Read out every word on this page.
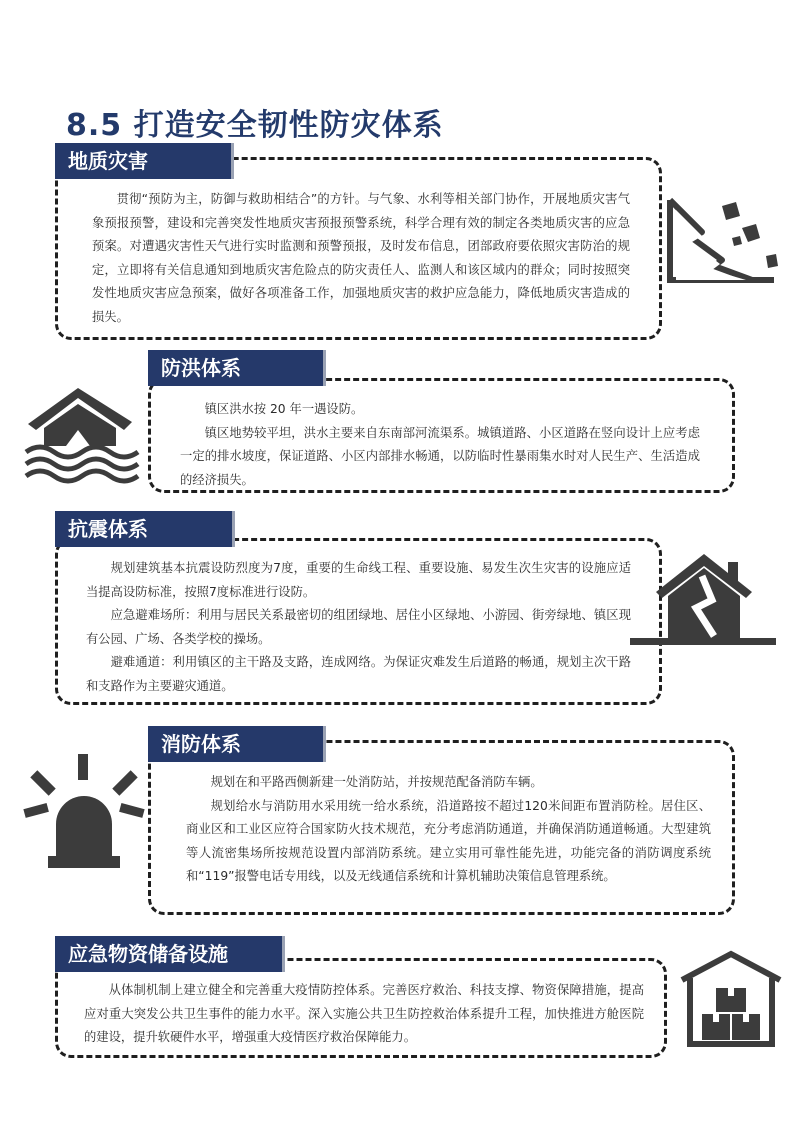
8.5 打造安全韧性防灾体系
地质灾害

贯彻“预防为主，防御与救助相结合”的方针。与气象、水利等相关部门协作，开展地质灾害气象预报预警，建设和完善突发性地质灾害预报预警系统，科学合理有效的制定各类地质灾害的应急预案。对遭遇灾害性天气进行实时监测和预警预报，及时发布信息，团部政府要依照灾害防治的规定，立即将有关信息通知到地质灾害危险点的防灾责任人、监测人和该区域内的群众；同时按照突发性地质灾害应急预案，做好各项准备工作，加强地质灾害的救护应急能力，降低地质灾害造成的损失。

防洪体系

镇区洪水按 20 年一遇设防。

镇区地势较平坦，洪水主要来自东南部河流渠系。城镇道路、小区道路在竖向设计上应考虑一定的排水坡度，保证道路、小区内部排水畅通，以防临时性暴雨集水时对人民生产、生活造成的经济损失。

抗震体系

规划建筑基本抗震设防烈度为7度，重要的生命线工程、重要设施、易发生次生灾害的设施应适当提高设防标准，按照7度标准进行设防。

应急避难场所：利用与居民关系最密切的组团绿地、居住小区绿地、小游园、街旁绿地、镇区现有公园、广场、各类学校的操场。

避难通道：利用镇区的主干路及支路，连成网络。为保证灾难发生后道路的畅通，规划主次干路和支路作为主要避灾通道。

消防体系

规划在和平路西侧新建一处消防站，并按规范配备消防车辆。

规划给水与消防用水采用统一给水系统，沿道路按不超过120米间距布置消防栓。居住区、商业区和工业区应符合国家防火技术规范，充分考虑消防通道，并确保消防通道畅通。大型建筑等人流密集场所按规范设置内部消防系统。建立实用可靠性能先进，功能完备的消防调度系统和“119”报警电话专用线，以及无线通信系统和计算机辅助决策信息管理系统。

应急物资储备设施

从体制机制上建立健全和完善重大疫情防控体系。完善医疗救治、科技支撑、物资保障措施，提高应对重大突发公共卫生事件的能力水平。深入实施公共卫生防控救治体系提升工程，加快推进方舱医院的建设，提升软硬件水平，增强重大疫情医疗救治保障能力。
